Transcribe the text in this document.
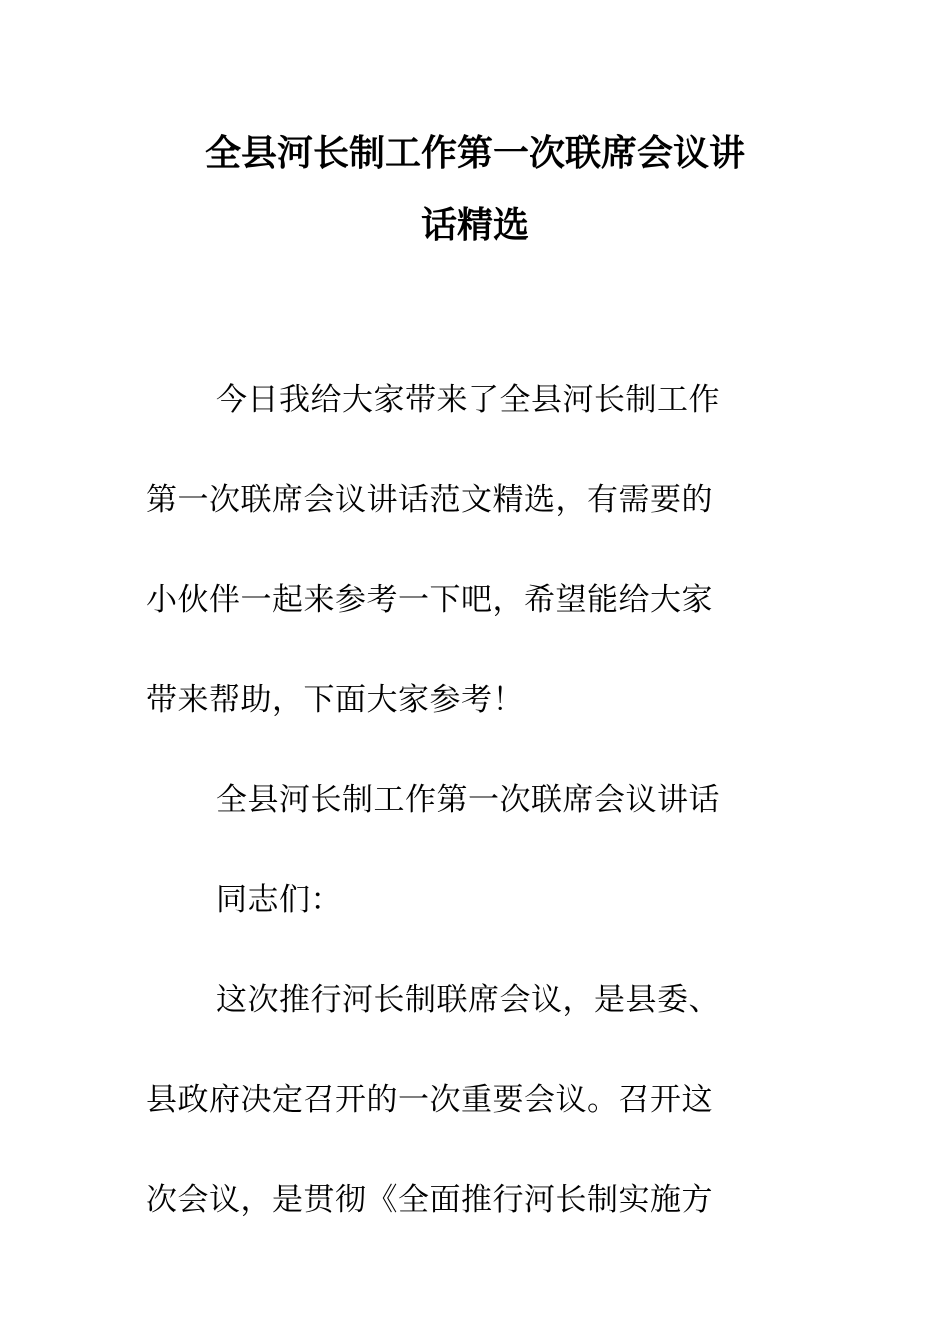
全县河长制工作第一次联席会议讲
话精选
今日我给大家带来了全县河长制工作
第一次联席会议讲话范文精选，有需要的
小伙伴一起来参考一下吧，希望能给大家
带来帮助，下面大家参考！
全县河长制工作第一次联席会议讲话
同志们：
这次推行河长制联席会议，是县委、
县政府决定召开的一次重要会议。召开这
次会议，是贯彻《全面推行河长制实施方
